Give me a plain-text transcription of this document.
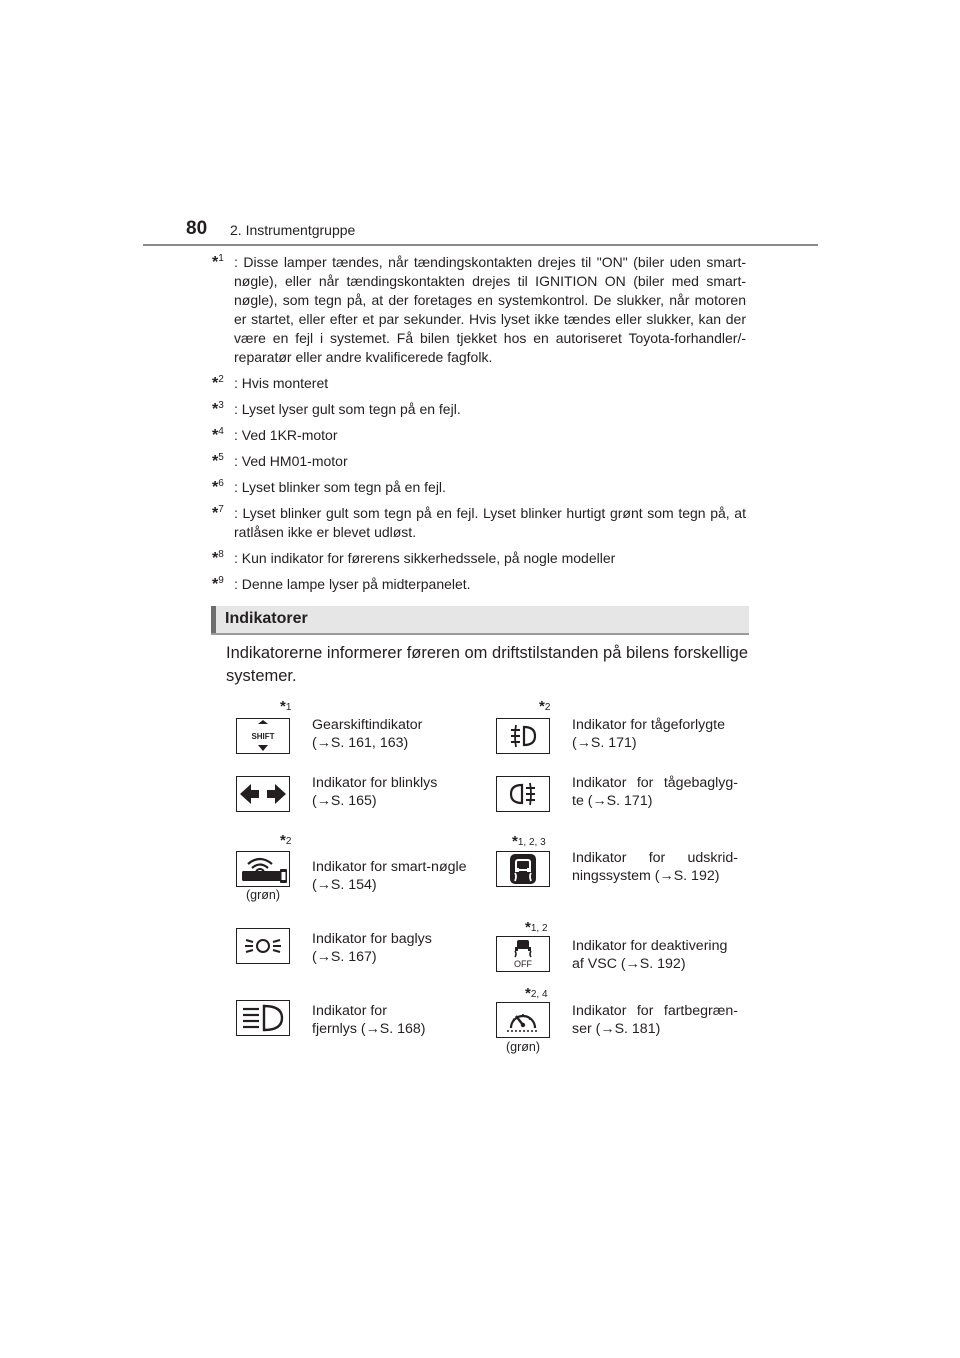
80 2. Instrumentgruppe
*$^1$ : Disse lamper tændes, når tændingskontakten drejes til "ON" (biler uden smart-nøgle), eller når tændingskontakten drejes til IGNITION ON (biler med smart-nøgle), som tegn på, at der foretages en systemkontrol. De slukker, når motoren er startet, eller efter et par sekunder. Hvis lyset ikke tændes eller slukker, kan der være en fejl i systemet. Få bilen tjekket hos en autoriseret Toyota-forhandler/-reparatør eller andre kvalificerede fagfolk.
*$^2$ : Hvis monteret
*$^3$ : Lyset lyser gult som tegn på en fejl.
*$^4$ : Ved 1KR-motor
*$^5$ : Ved HM01-motor
*$^6$ : Lyset blinker som tegn på en fejl.
*$^7$ : Lyset blinker gult som tegn på en fejl. Lyset blinker hurtigt grønt som tegn på, at ratlåsen ikke er blevet udløst.
*$^8$ : Kun indikator for førerens sikkerhedssele, på nogle modeller
*$^9$ : Denne lampe lyser på midterpanelet.
Indikatorer
Indikatorerne informerer føreren om driftstilstanden på bilens forskellige systemer.
*1
SHIFT
Gearskiftindikator
(→S. 161, 163)
*2
Indikator for tågeforlygte
(→S. 171)
Indikator for blinklys
(→S. 165)
Indikator for tågebaglyg-
te (→S. 171)
*2
(grøn)
Indikator for smart-nøgle
(→S. 154)
*1, 2, 3
Indikator for udskrid-
ningssystem (→S. 192)
Indikator for baglys
(→S. 167)
*1, 2
OFF
Indikator for deaktivering
af VSC (→S. 192)
Indikator for
fjernlys (→S. 168)
*2, 4
(grøn)
Indikator for fartbegræn-
ser (→S. 181)
